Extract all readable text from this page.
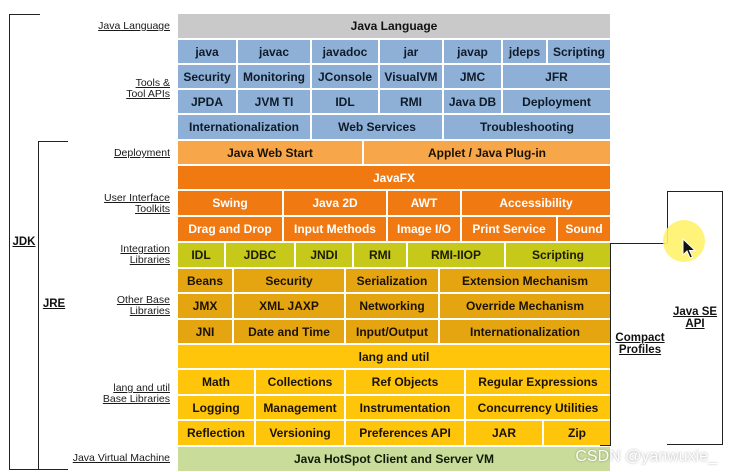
Java Language	Java Language
Tools &
Tool APIs
java	javac	javadoc	jar	javap	jdeps	Scripting
Security	Monitoring	JConsole	VisualVM	JMC	JFR
JPDA	JVM TI	IDL	RMI	Java DB	Deployment
Internationalization	Web Services	Troubleshooting
Deployment	Java Web Start	Applet / Java Plug-in
User Interface
Toolkits
JavaFX
Swing	Java 2D	AWT	Accessibility
Drag and Drop	Input Methods	Image I/O	Print Service	Sound
Integration
Libraries	IDL	JDBC	JNDI	RMI	RMI-IIOP	Scripting
Other Base
Libraries
Beans	Security	Serialization	Extension Mechanism
JMX	XML JAXP	Networking	Override Mechanism
JNI	Date and Time	Input/Output	Internationalization
lang and util
Base Libraries
lang and util
Math	Collections	Ref Objects	Regular Expressions
Logging	Management	Instrumentation	Concurrency Utilities
Reflection	Versioning	Preferences API	JAR	Zip
Java Virtual Machine	Java HotSpot Client and Server VM
JDK
JRE
Compact
Profiles
Java SE
API
CSDN @yanwuxie_
